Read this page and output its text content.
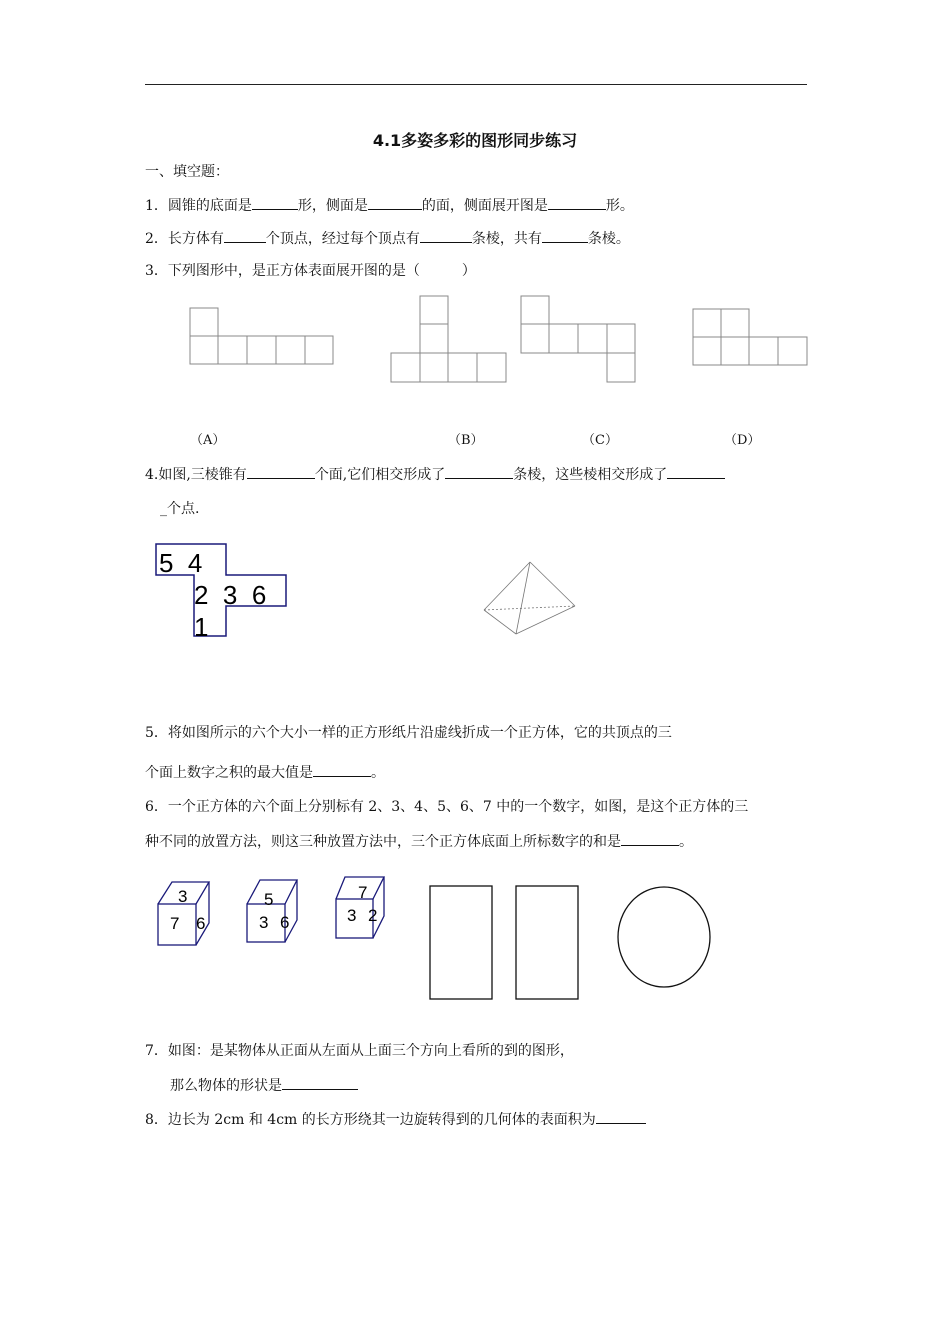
4.1多姿多彩的图形同步练习
一、填空题：
1．圆锥的底面是	形，侧面是	的面，侧面展开图是	形。
2．长方体有	个顶点，经过每个顶点有	条棱，共有	条棱。
3．下列图形中，是正方体表面展开图的是（　　　）
（A）	（B）	（C）	（D）
4.如图,三棱锥有	个面,它们相交形成了	条棱，这些棱相交形成了
_个点.
5  4
2  3  6
1
5．将如图所示的六个大小一样的正方形纸片沿虚线折成一个正方体，它的共顶点的三
个面上数字之积的最大值是	。
6．一个正方体的六个面上分别标有 2、3、4、5、6、7 中的一个数字，如图，是这个正方体的三
种不同的放置方法，则这三种放置方法中，三个正方体底面上所标数字的和是	。
3
7 6
5
3 6
7
3 2
7．如图：是某物体从正面从左面从上面三个方向上看所的到的图形，
那么物体的形状是
8．边长为 2cm 和 4cm 的长方形绕其一边旋转得到的几何体的表面积为
